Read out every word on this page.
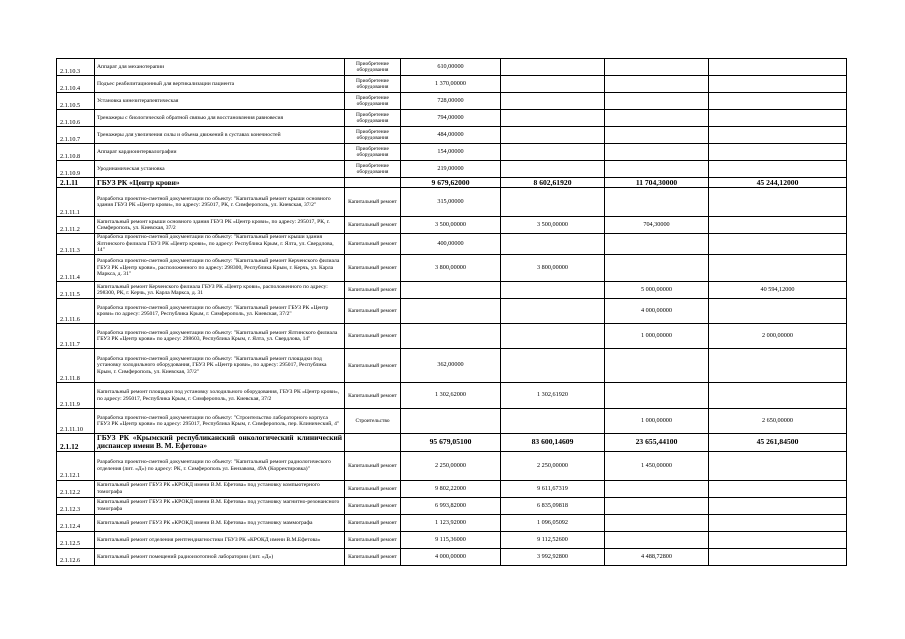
2.1.10.3	Аппарат для механотерапии	Приобретение оборудования	610,00000			
2.1.10.4	Подъес реабилитационный для вертикализации пациента	Приобретение оборудования	1 370,00000			
2.1.10.5	Установка кинезитерапевтическая	Приобретение оборудования	728,00000			
2.1.10.6	Тренажеры с биологической обратной связью для восстановления равновесия	Приобретение оборудования	794,00000			
2.1.10.7	Тренажеры для увеличения силы и объема движений в суставах конечностей	Приобретение оборудования	484,00000			
2.1.10.8	Аппарат кардиоинтервалографии	Приобретение оборудования	154,00000			
2.1.10.9	Уродинамическая установка	Приобретение оборудования	219,00000			
2.1.11	ГБУЗ РК «Центр крови»		9 679,62000	8 602,61920	11 704,30000	45 244,12000
2.1.11.1	Разработка проектно-сметной документации по объекту: "Капитальный ремонт крыши основного здания ГБУЗ РК «Центр крови», по адресу: 295017, РК, г. Симферополь, ул. Киевская, 37/2"	Капитальный ремонт	315,00000			
2.1.11.2	Капитальный ремонт крыши основного здания ГБУЗ РК «Центр крови», по адресу: 295017, РК, г. Симферополь, ул. Киевская, 37/2	Капитальный ремонт	3 500,00000	3 500,00000	704,30000	
2.1.11.3	Разработка проектно-сметной документации по объекту: "Капитальный ремонт крыши здания Ялтинского филиала ГБУЗ РК «Центр крови», по адресу: Республика Крым, г. Ялта, ул. Свердлова, 14"	Капитальный ремонт	400,00000			
2.1.11.4	Разработка проектно-сметной документации по объекту: "Капитальный ремонт Керченского филиала ГБУЗ РК «Центр крови», расположенного по адресу: 298300, Республика Крым, г. Керчь, ул. Карла Маркса, д. 31"	Капитальный ремонт	3 800,00000	3 800,00000		
2.1.11.5	Капитальный ремонт Керченского филиала ГБУЗ РК «Центр крови», расположенного по адресу: 298300, РК, г. Керчь, ул. Карла Маркса, д. 31	Капитальный ремонт			5 000,00000	40 594,12000
2.1.11.6	Разработка проектно-сметной документации по объекту: "Капитальный ремонт ГБУЗ РК «Центр крови» по адресу: 295017, Республика Крым, г. Симферополь, ул. Киевская, 37/2"	Капитальный ремонт			4 000,00000	
2.1.11.7	Разработка проектно-сметной документации по объекту: "Капитальный ремонт Ялтинского филиала ГБУЗ РК «Центр крови» по адресу: 298603, Республика Крым, г. Ялта, ул. Свердлова, 14"	Капитальный ремонт			1 000,00000	2 000,00000
2.1.11.8	Разработка проектно-сметной документации по объекту: "Капитальный ремонт площадки под установку холодильного оборудования, ГБУЗ РК «Центр крови», по адресу: 295017, Республика Крым, г. Симферополь, ул. Киевская, 37/2"	Капитальный ремонт	362,00000			
2.1.11.9	Капитальный ремонт площадки под установку холодильного оборудования, ГБУЗ РК «Центр крови», по адресу: 295017, Республика Крым, г. Симферополь, ул. Киевская, 37/2	Капитальный ремонт	1 302,62000	1 302,61920		
2.1.11.10	Разработка проектно-сметной документации по объекту: "Строительство лабораторного корпуса ГБУЗ РК «Центр крови» по адресу: 295017, Республика Крым, г. Симферополь, пер. Клинический, 4"	Строительство			1 000,00000	2 650,00000
2.1.12	ГБУЗ РК «Крымский республиканский онкологический клинический диспансер имени В. М. Ефетова»		95 679,05100	83 600,14609	23 655,44100	45 261,84500
2.1.12.1	Разработка проектно-сметной документации по объекту: "Капитальный ремонт радиологического отделения (лит. «Д») по адресу: РК, г. Симферополь ул. Бензавова, 49А (Корректировка)"	Капитальный ремонт	2 250,00000	2 250,00000	1 450,00000	
2.1.12.2	Капитальный ремонт ГБУЗ РК «КРОКД имени В.М. Ефетова» под установку компьютерного томографа	Капитальный ремонт	9 802,22000	9 611,67319		
2.1.12.3	Капитальный ремонт ГБУЗ РК «КРОКД имени В.М. Ефетова» под установку магнитно-резонансного томографа	Капитальный ремонт	6 993,82000	6 835,09818		
2.1.12.4	Капитальный ремонт ГБУЗ РК «КРОКД имени В.М. Ефетова» под установку маммографа	Капитальный ремонт	1 123,92000	1 096,05092		
2.1.12.5	Капитальный ремонт отделения рентгендиагностики ГБУЗ РК «КРОКД имени В.М.Ефетова»	Капитальный ремонт	9 115,36000	9 112,52600		
2.1.12.6	Капитальный ремонт помещений радиоизотопной лаборатории (лит. «Д»)	Капитальный ремонт	4 000,00000	3 992,92800	4 488,72800	
